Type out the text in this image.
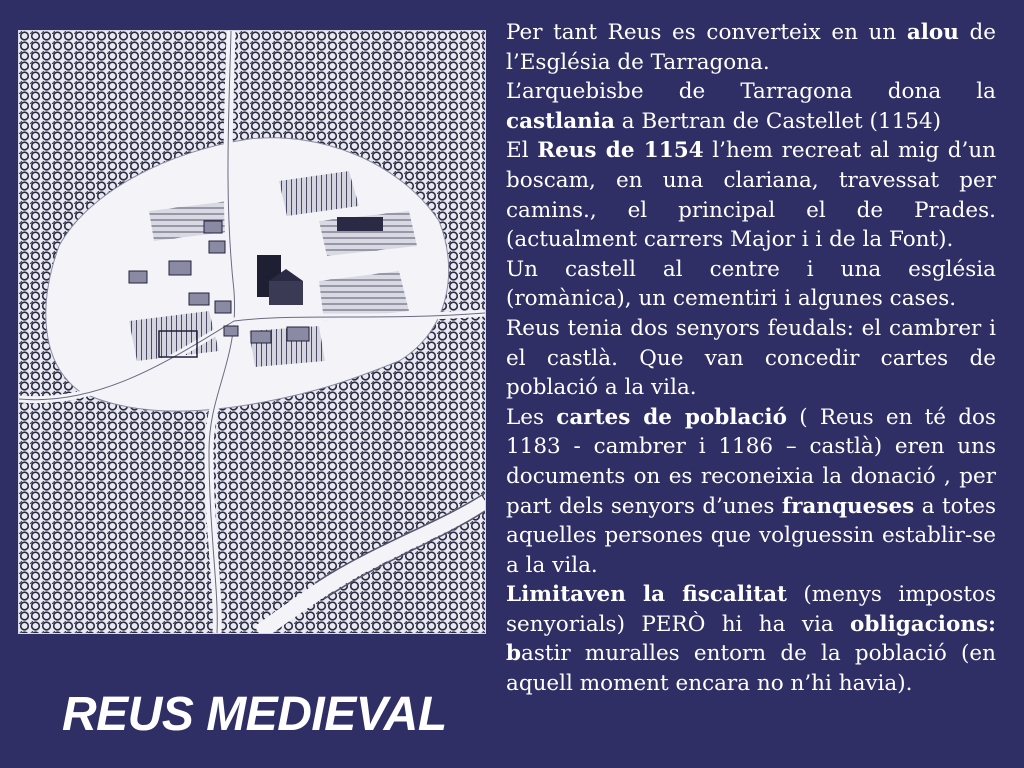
REUS MEDIEVAL

Per tant Reus es converteix en un alou de l’Església de Tarragona.

L’arquebisbe de Tarragona dona la castlania a Bertran de Castellet (1154)

El Reus de 1154 l’hem recreat al mig d’un boscam, en una clariana, travessat per camins., el principal el de Prades. (actualment carrers Major i i de la Font).

Un castell al centre i una església (romànica), un cementiri i algunes cases.

Reus tenia dos senyors feudals: el cambrer i el castlà. Que van concedir cartes de població a la vila.

Les cartes de població ( Reus en té dos 1183 - cambrer i 1186 – castlà) eren uns documents on es reconeixia la donació , per part dels senyors d’unes franqueses a totes aquelles persones que volguessin establir-se a la vila.

Limitaven la fiscalitat (menys impostos senyorials) PERÒ hi ha via obligacions: bastir muralles entorn de la població (en aquell moment encara no n’hi havia).
